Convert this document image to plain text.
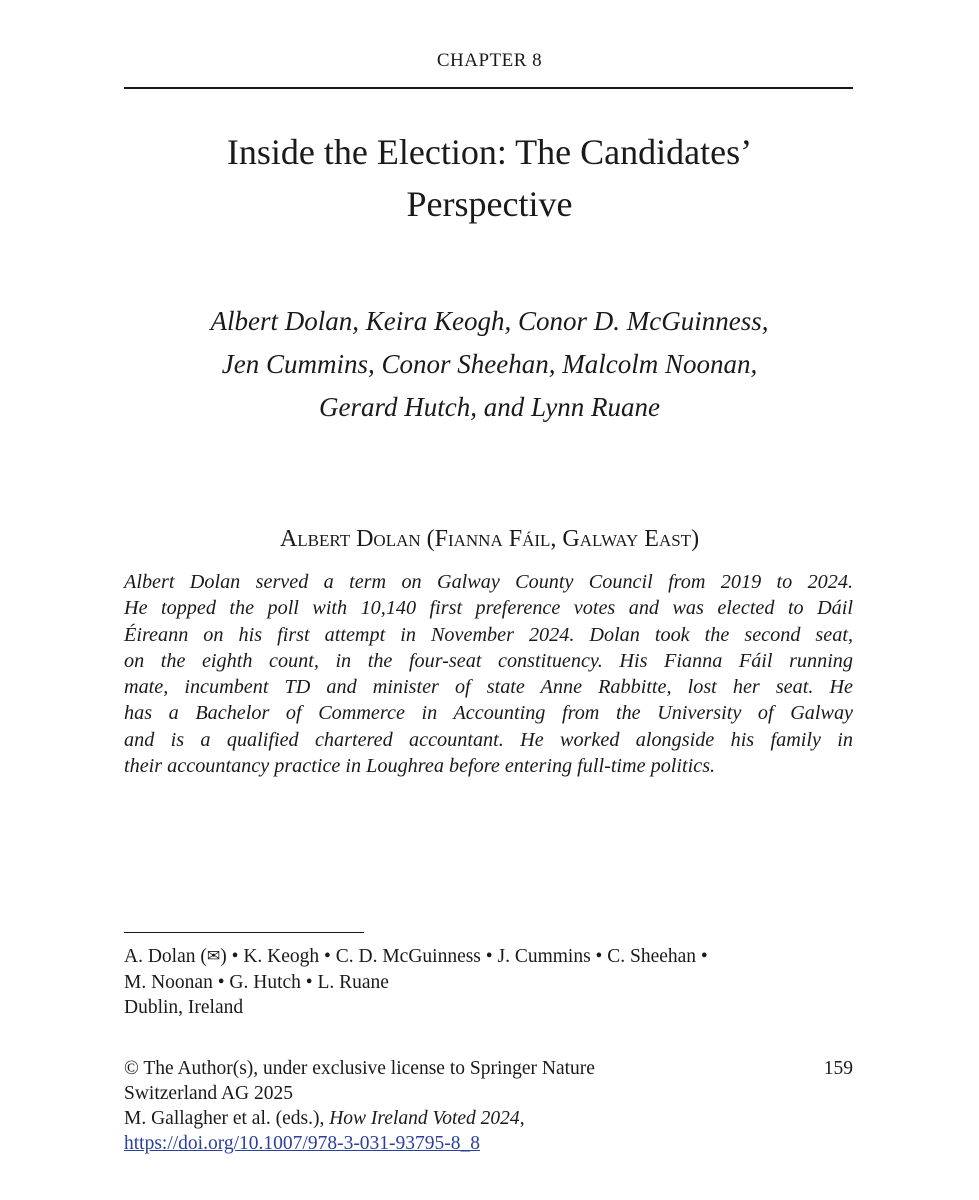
CHAPTER 8
Inside the Election: The Candidates’
Perspective
Albert Dolan, Keira Keogh, Conor D. McGuinness,
Jen Cummins, Conor Sheehan, Malcolm Noonan,
Gerard Hutch, and Lynn Ruane
Albert Dolan (Fianna Fáil, Galway East)
Albert Dolan served a term on Galway County Council from 2019 to 2024.
He topped the poll with 10,140 first preference votes and was elected to Dáil
Éireann on his first attempt in November 2024. Dolan took the second seat,
on the eighth count, in the four-seat constituency. His Fianna Fáil running
mate, incumbent TD and minister of state Anne Rabbitte, lost her seat. He
has a Bachelor of Commerce in Accounting from the University of Galway
and is a qualified chartered accountant. He worked alongside his family in
their accountancy practice in Loughrea before entering full-time politics.
A. Dolan (✉) • K. Keogh • C. D. McGuinness • J. Cummins • C. Sheehan •
M. Noonan • G. Hutch • L. Ruane
Dublin, Ireland
© The Author(s), under exclusive license to Springer Nature
Switzerland AG 2025
M. Gallagher et al. (eds.), How Ireland Voted 2024,
https://doi.org/10.1007/978-3-031-93795-8_8
159
